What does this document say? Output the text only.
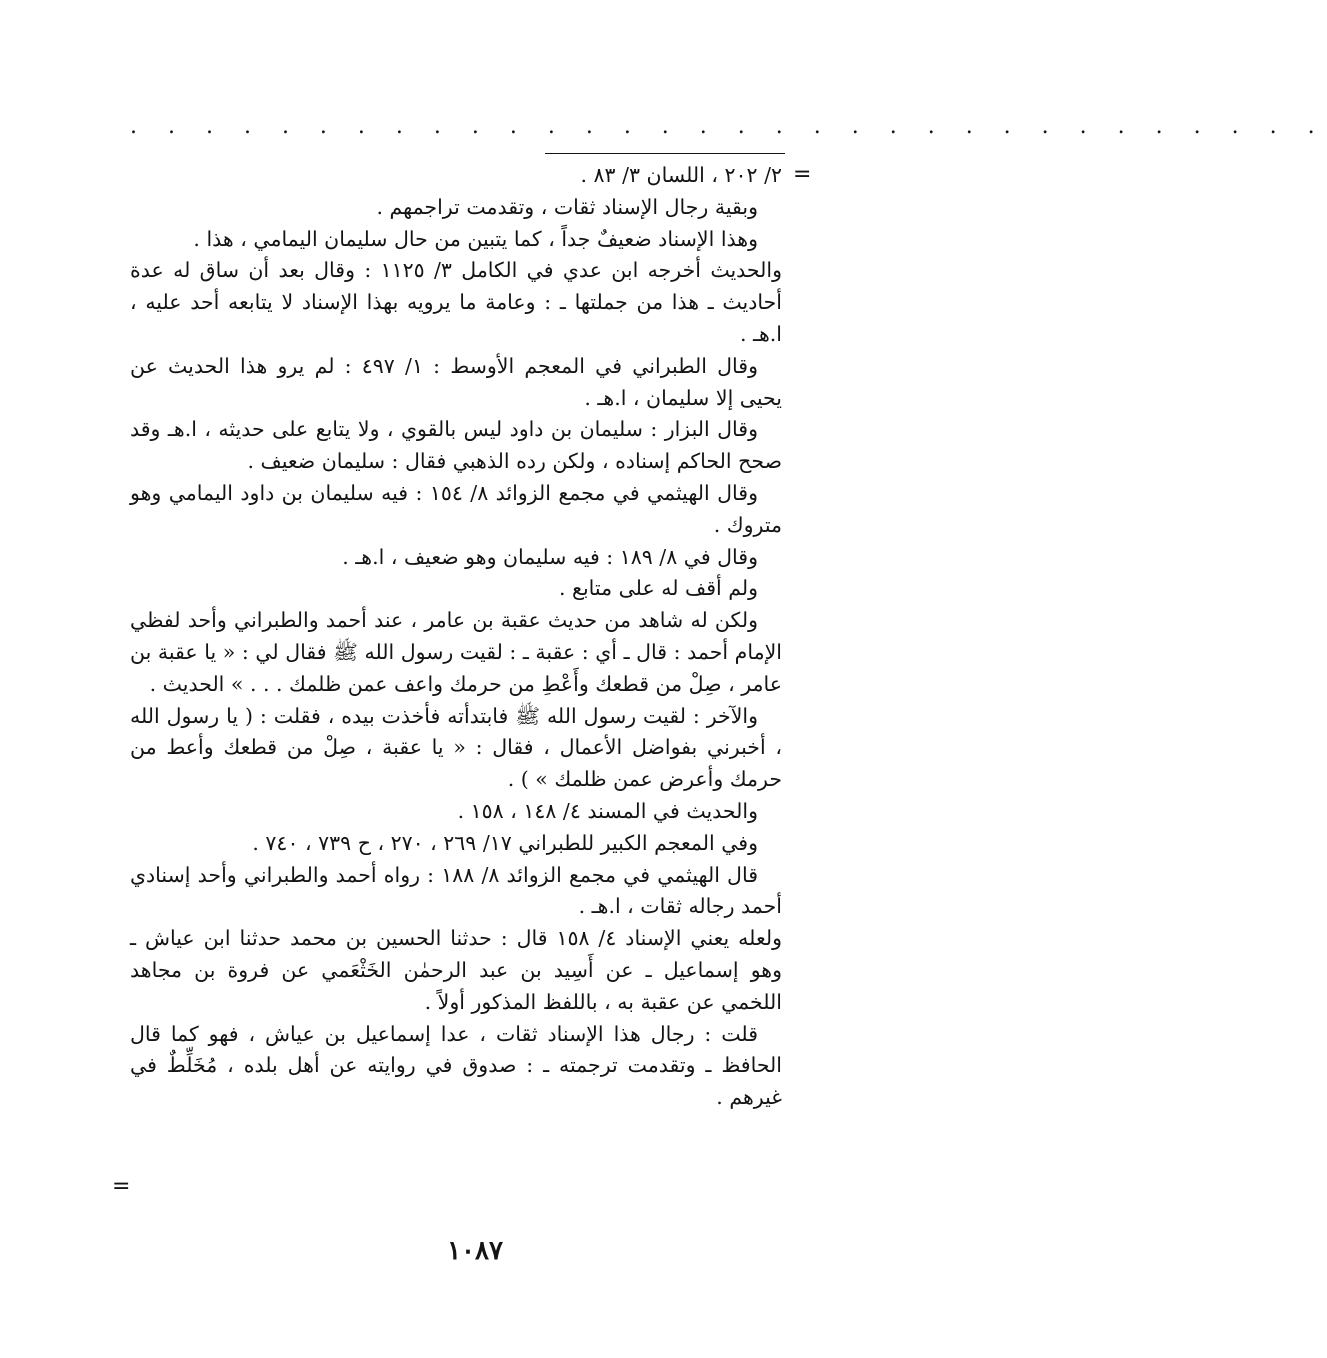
. . . . . . . . . . . . . . . . . . . . . . . . . . . . . . . .
=

٢/ ٢٠٢ ، اللسان ٣/ ٨٣ .

وبقية رجال الإسناد ثقات ، وتقدمت تراجمهم .

وهذا الإسناد ضعيفٌ جداً ، كما يتبين من حال سليمان اليمامي ، هذا .

والحديث أخرجه ابن عدي في الكامل ٣/ ١١٢٥ : وقال بعد أن ساق له عدة أحاديث ـ هذا من جملتها ـ : وعامة ما يرويه بهذا الإسناد لا يتابعه أحد عليه ، ا.هـ .

وقال الطبراني في المعجم الأوسط : ١/ ٤٩٧ : لم يرو هذا الحديث عن يحيى إلا سليمان ، ا.هـ .

وقال البزار : سليمان بن داود ليس بالقوي ، ولا يتابع على حديثه ، ا.هـ وقد صحح الحاكم إسناده ، ولكن رده الذهبي فقال : سليمان ضعيف .

وقال الهيثمي في مجمع الزوائد ٨/ ١٥٤ : فيه سليمان بن داود اليمامي وهو متروك .

وقال في ٨/ ١٨٩ : فيه سليمان وهو ضعيف ، ا.هـ .

ولم أقف له على متابع .

ولكن له شاهد من حديث عقبة بن عامر ، عند أحمد والطبراني وأحد لفظي الإمام أحمد : قال ـ أي : عقبة ـ : لقيت رسول الله ﷺ فقال لي : « يا عقبة بن عامر ، صِلْ من قطعك وأَعْطِ من حرمك واعف عمن ظلمك . . . » الحديث .

والآخر : لقيت رسول الله ﷺ فابتدأته فأخذت بيده ، فقلت : ( يا رسول الله ، أخبرني بفواضل الأعمال ، فقال : « يا عقبة ، صِلْ من قطعك وأعط من حرمك وأعرض عمن ظلمك » ) .

والحديث في المسند ٤/ ١٤٨ ، ١٥٨ .

وفي المعجم الكبير للطبراني ١٧/ ٢٦٩ ، ٢٧٠ ، ح ٧٣٩ ، ٧٤٠ .

قال الهيثمي في مجمع الزوائد ٨/ ١٨٨ : رواه أحمد والطبراني وأحد إسنادي أحمد رجاله ثقات ، ا.هـ .

ولعله يعني الإسناد ٤/ ١٥٨ قال : حدثنا الحسين بن محمد حدثنا ابن عياش ـ وهو إسماعيل ـ عن أَسِيد بن عبد الرحمٰن الخَثْعَمي عن فروة بن مجاهد اللخمي عن عقبة به ، باللفظ المذكور أولاً .

قلت : رجال هذا الإسناد ثقات ، عدا إسماعيل بن عياش ، فهو كما قال الحافظ ـ وتقدمت ترجمته ـ : صدوق في روايته عن أهل بلده ، مُخَلِّطٌ في غيرهم .

=
١٠٨٧
